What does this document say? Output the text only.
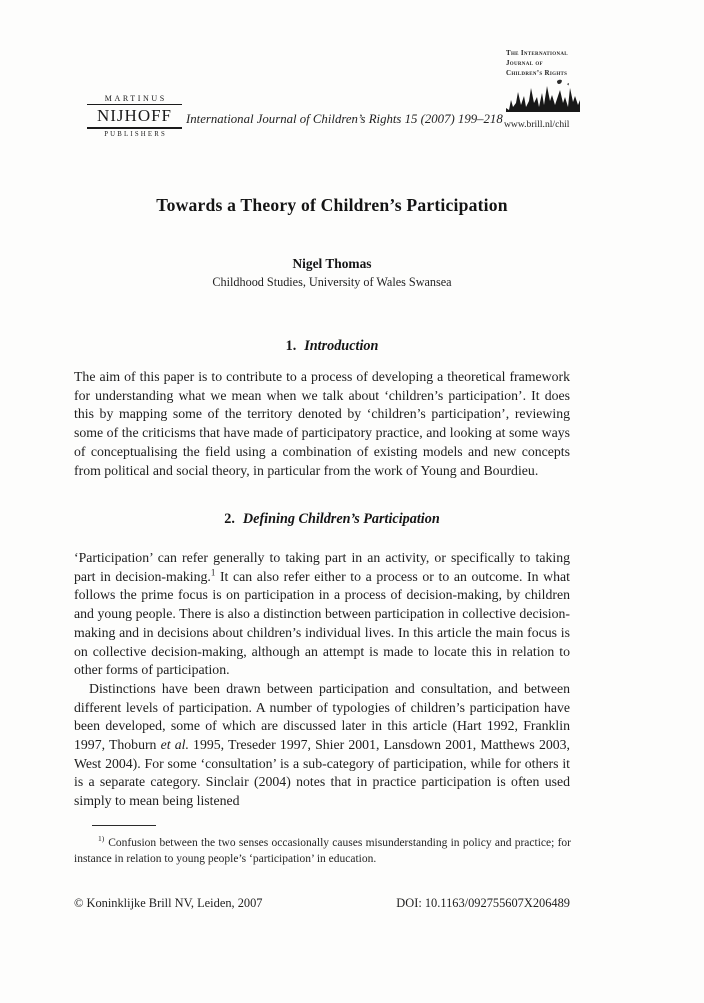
The International
Journal of
Children’s Rights
MARTINUS
NIJHOFF
PUBLISHERS
International Journal of Children’s Rights 15 (2007) 199–218 www.brill.nl/chil
Towards a Theory of Children’s Participation

Nigel Thomas

Childhood Studies, University of Wales Swansea

1. Introduction

The aim of this paper is to contribute to a process of developing a theoretical framework for understanding what we mean when we talk about ‘children’s participation’. It does this by mapping some of the territory denoted by ‘children’s participation’, reviewing some of the criticisms that have made of participatory practice, and looking at some ways of conceptualising the field using a combination of existing models and new concepts from political and social theory, in particular from the work of Young and Bourdieu.

2. Defining Children’s Participation

‘Participation’ can refer generally to taking part in an activity, or specifically to taking part in decision-making.$^1$ It can also refer either to a process or to an outcome. In what follows the prime focus is on participation in a process of decision-making, by children and young people. There is also a distinction between participation in collective decision-making and in decisions about children’s individual lives. In this article the main focus is on collective decision-making, although an attempt is made to locate this in relation to other forms of participation.

Distinctions have been drawn between participation and consultation, and between different levels of participation. A number of typologies of children’s participation have been developed, some of which are discussed later in this article (Hart 1992, Franklin 1997, Thoburn et al. 1995, Treseder 1997, Shier 2001, Lansdown 2001, Matthews 2003, West 2004). For some ‘consultation’ is a sub-category of participation, while for others it is a separate category. Sinclair (2004) notes that in practice participation is often used simply to mean being listened

$^{1)}$ Confusion between the two senses occasionally causes misunderstanding in policy and practice; for instance in relation to young people’s ‘participation’ in education.

© Koninklijke Brill NV, Leiden, 2007	DOI: 10.1163/092755607X206489
